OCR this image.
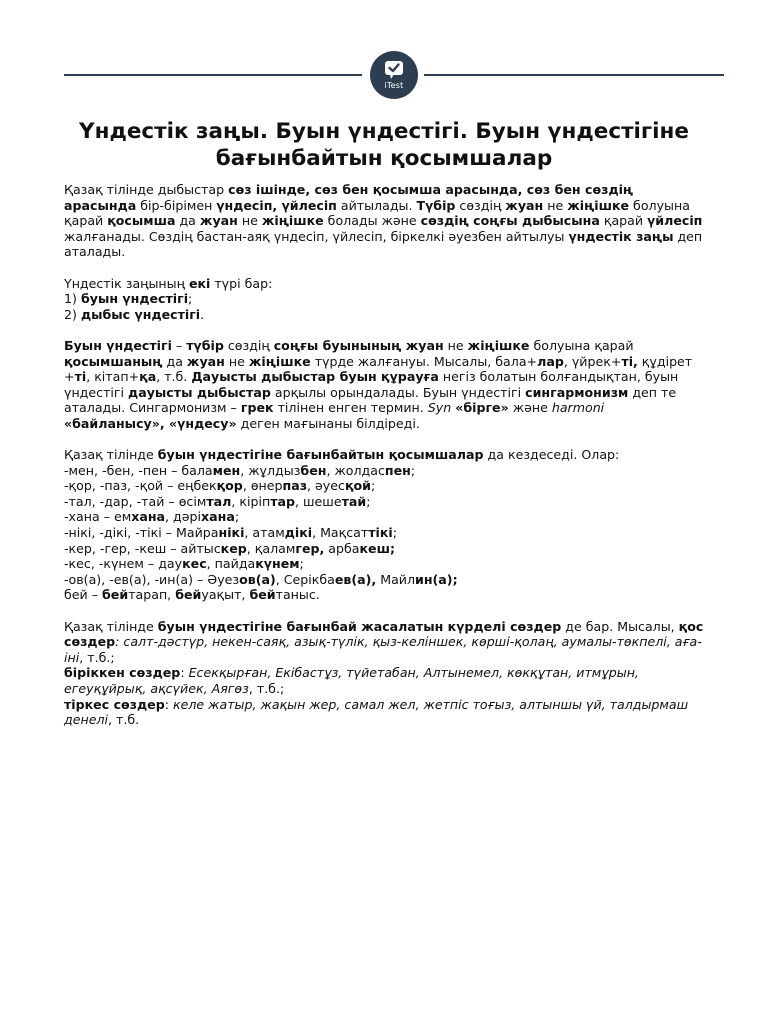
iTest
Үндестік заңы. Буын үндестігі. Буын үндестігіне бағынбайтын қосымшалар

Қазақ тілінде дыбыстар сөз ішінде, сөз бен қосымша арасында, сөз бен сөздің
арасында бір-бірімен үндесіп, үйлесіп айтылады. Түбір сөздің жуан не жіңішке болуына
қарай қосымша да жуан не жіңішке болады және сөздің соңғы дыбысына қарай үйлесіп
жалғанады. Сөздің бастан-аяқ үндесіп, үйлесіп, біркелкі әуезбен айтылуы үндестік заңы деп
аталады.

Үндестік заңының екі түрі бар:
1) буын үндестігі;
2) дыбыс үндестігі.

Буын үндестігі – түбір сөздің соңғы буынының жуан не жіңішке болуына қарай
қосымшаның да жуан не жіңішке түрде жалғануы. Мысалы, бала+лар, үйрек+ті, құдірет
+ті, кітап+қа, т.б. Дауысты дыбыстар буын құрауға негіз болатын болғандықтан, буын
үндестігі дауысты дыбыстар арқылы орындалады. Буын үндестігі сингармонизм деп те
аталады. Сингармонизм – грек тілінен енген термин. Syn «бірге» және harmoni
«байланысу», «үндесу» деген мағынаны білдіреді.

Қазақ тілінде буын үндестігіне бағынбайтын қосымшалар да кездеседі. Олар:
-мен, -бен, -пен – баламен, жұлдызбен, жолдаспен;
-қор, -паз, -қой – еңбекқор, өнерпаз, әуесқой;
-тал, -дар, -тай – өсімтал, кіріптар, шешетай;
-хана – емхана, дәріхана;
-нікі, -дікі, -тікі – Майранікі, атамдікі, Мақсаттікі;
-кер, -гер, -кеш – айтыскер, қаламгер, арбакеш;
-кес, -күнем – даукес, пайдакүнем;
-ов(а), -ев(а), -ин(а) – Әуезов(а), Серікбаев(а), Майлин(а);
бей – бейтарап, бейуақыт, бейтаныс.

Қазақ тілінде буын үндестігіне бағынбай жасалатын күрделі сөздер де бар. Мысалы, қос
сөздер: салт-дәстүр, некен-саяқ, азық-түлік, қыз-келіншек, көрші-қолаң, аумалы-төкпелі, аға-
іні, т.б.;
біріккен сөздер: Есекқырған, Екібастұз, түйетабан, Алтынемел, көкқұтан, итмұрын,
егеуқұйрық, ақсүйек, Аягөз, т.б.;
тіркес сөздер: келе жатыр, жақын жер, самал жел, жетпіс тоғыз, алтыншы үй, талдырмаш
денелі, т.б.
